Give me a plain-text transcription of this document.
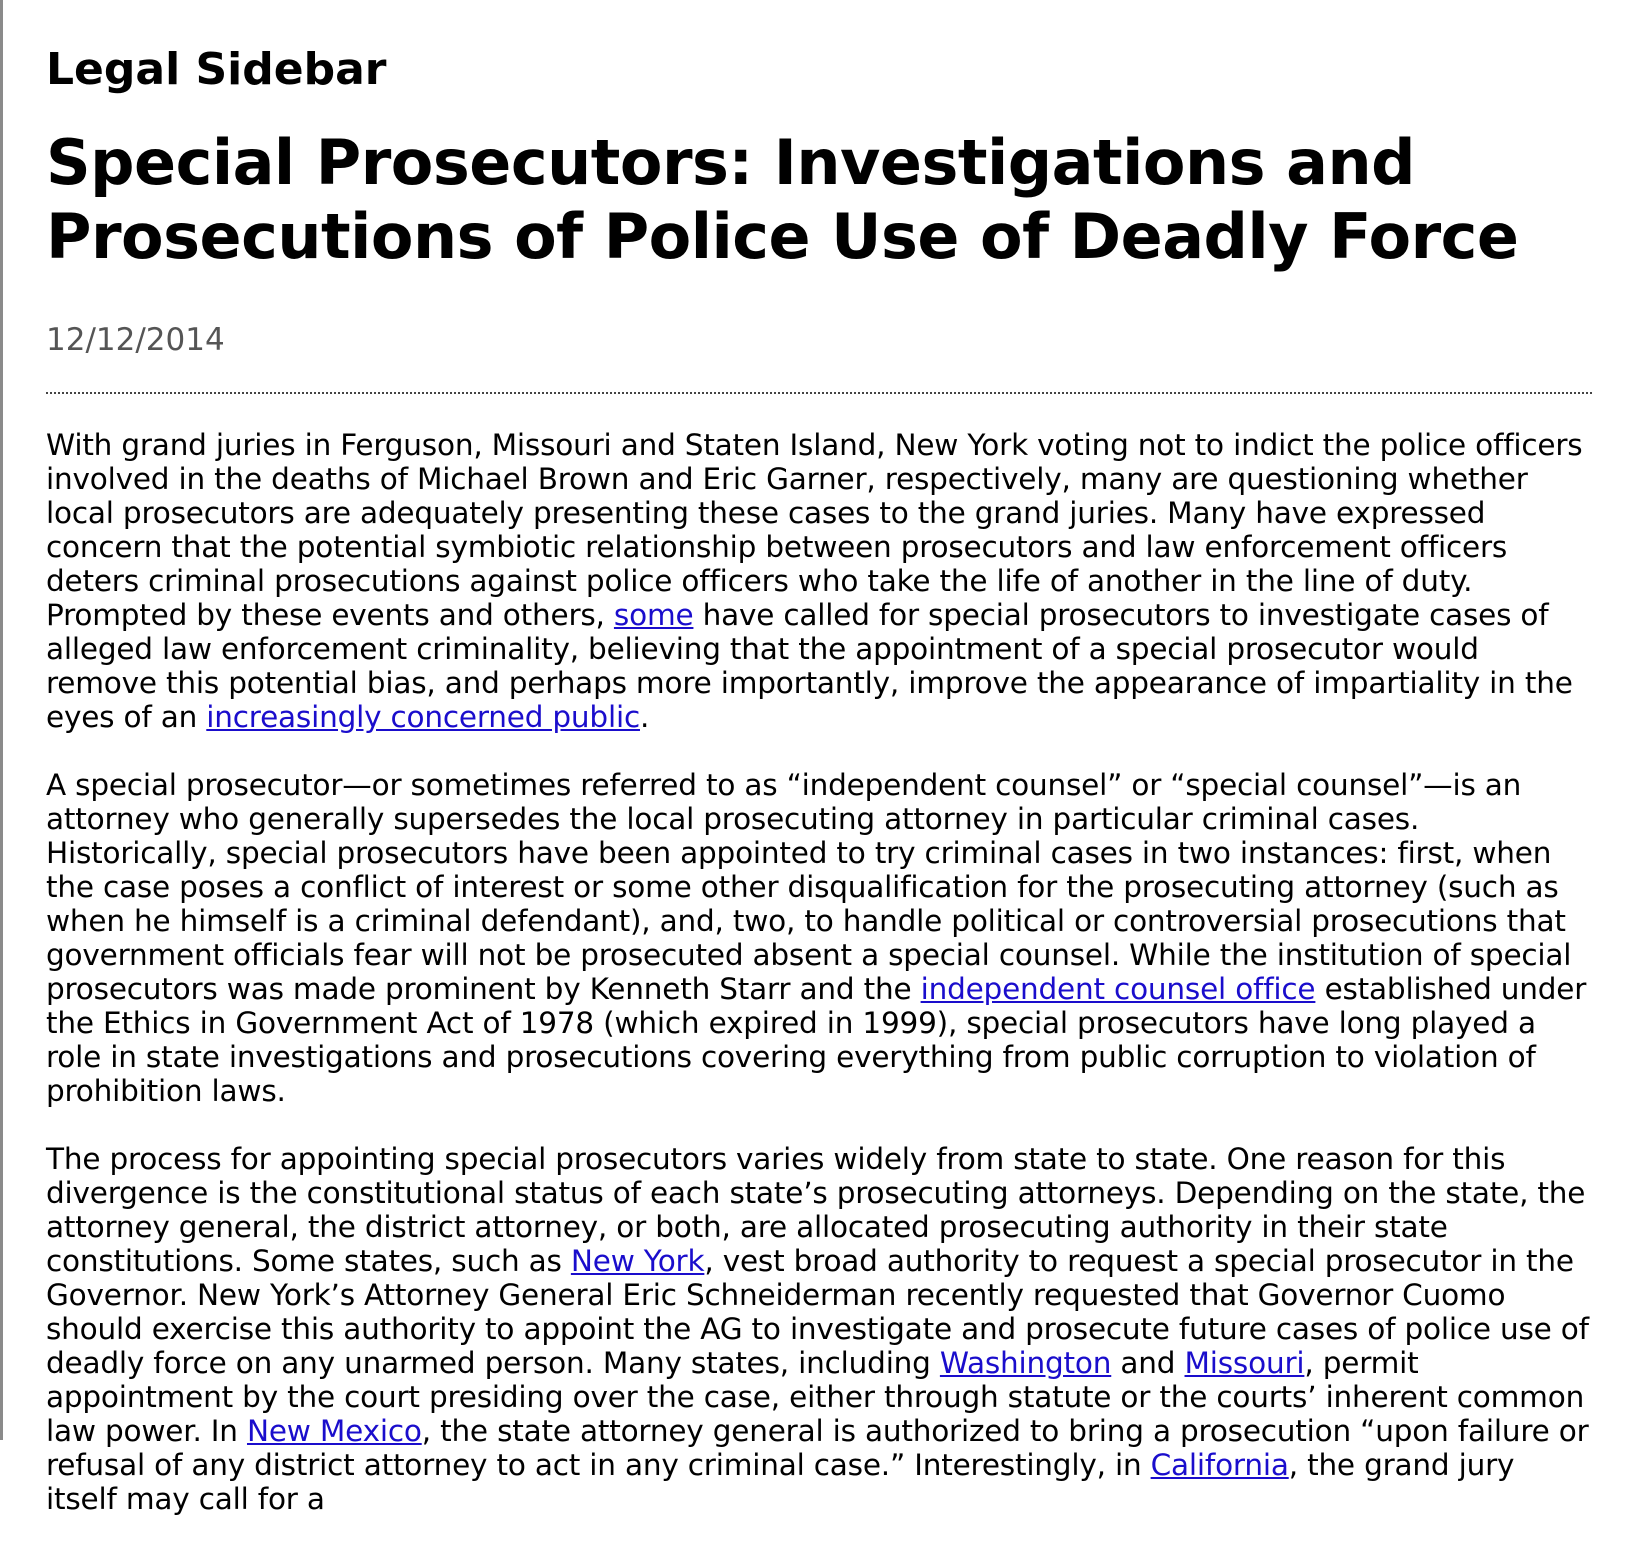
Legal Sidebar
Special Prosecutors: Investigations and
Prosecutions of Police Use of Deadly Force
12/12/2014

With grand juries in Ferguson, Missouri and Staten Island, New York voting not to indict the police officers involved in the deaths of Michael Brown and Eric Garner, respectively, many are questioning whether local prosecutors are adequately presenting these cases to the grand juries. Many have expressed concern that the potential symbiotic relationship between prosecutors and law enforcement officers deters criminal prosecutions against police officers who take the life of another in the line of duty. Prompted by these events and others, some have called for special prosecutors to investigate cases of alleged law enforcement criminality, believing that the appointment of a special prosecutor would remove this potential bias, and perhaps more importantly, improve the appearance of impartiality in the eyes of an increasingly concerned public.

A special prosecutor—or sometimes referred to as “independent counsel” or “special counsel”—is an attorney who generally supersedes the local prosecuting attorney in particular criminal cases. Historically, special prosecutors have been appointed to try criminal cases in two instances: first, when the case poses a conflict of interest or some other disqualification for the prosecuting attorney (such as when he himself is a criminal defendant), and, two, to handle political or controversial prosecutions that government officials fear will not be prosecuted absent a special counsel. While the institution of special prosecutors was made prominent by Kenneth Starr and the independent counsel office established under the Ethics in Government Act of 1978 (which expired in 1999), special prosecutors have long played a role in state investigations and prosecutions covering everything from public corruption to violation of prohibition laws.

The process for appointing special prosecutors varies widely from state to state. One reason for this divergence is the constitutional status of each state’s prosecuting attorneys. Depending on the state, the attorney general, the district attorney, or both, are allocated prosecuting authority in their state constitutions. Some states, such as New York, vest broad authority to request a special prosecutor in the Governor. New York’s Attorney General Eric Schneiderman recently requested that Governor Cuomo should exercise this authority to appoint the AG to investigate and prosecute future cases of police use of deadly force on any unarmed person. Many states, including Washington and Missouri, permit appointment by the court presiding over the case, either through statute or the courts’ inherent common law power. In New Mexico, the state attorney general is authorized to bring a prosecution “upon failure or refusal of any district attorney to act in any criminal case.” Interestingly, in California, the grand jury itself may call for a
